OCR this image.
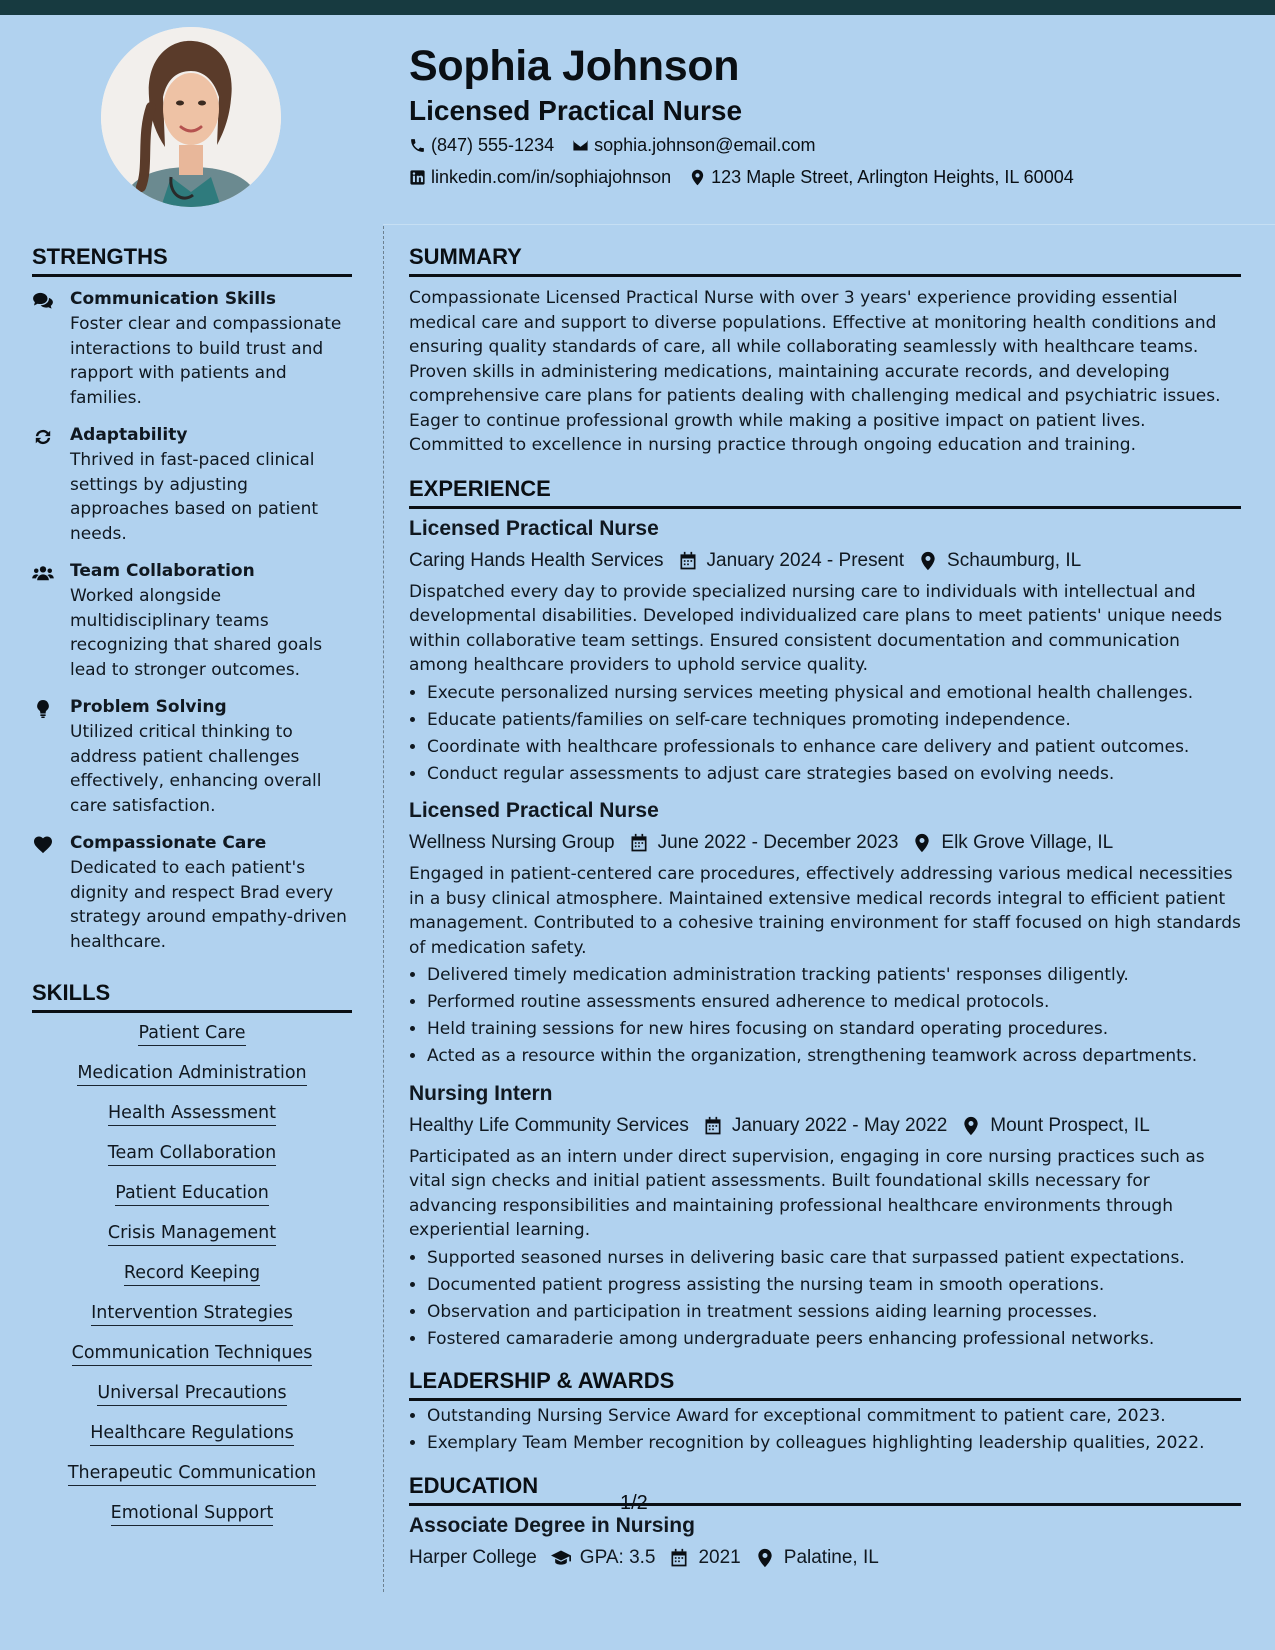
Sophia Johnson
Licensed Practical Nurse
(847) 555-1234 sophia.johnson@email.com
linkedin.com/in/sophiajohnson 123 Maple Street, Arlington Heights, IL 60004
STRENGTHS

Communication Skills

Foster clear and compassionate interactions to build trust and rapport with patients and families.

Adaptability

Thrived in fast-paced clinical settings by adjusting approaches based on patient needs.

Team Collaboration

Worked alongside multidisciplinary teams recognizing that shared goals lead to stronger outcomes.

Problem Solving

Utilized critical thinking to address patient challenges effectively, enhancing overall care satisfaction.

Compassionate Care

Dedicated to each patient's dignity and respect Brad every strategy around empathy-driven healthcare.

SKILLS
Patient Care
Medication Administration
Health Assessment
Team Collaboration
Patient Education
Crisis Management
Record Keeping
Intervention Strategies
Communication Techniques
Universal Precautions
Healthcare Regulations
Therapeutic Communication
Emotional Support
SUMMARY

Compassionate Licensed Practical Nurse with over 3 years' experience providing essential medical care and support to diverse populations. Effective at monitoring health conditions and ensuring quality standards of care, all while collaborating seamlessly with healthcare teams. Proven skills in administering medications, maintaining accurate records, and developing comprehensive care plans for patients dealing with challenging medical and psychiatric issues. Eager to continue professional growth while making a positive impact on patient lives. Committed to excellence in nursing practice through ongoing education and training.

EXPERIENCE

Licensed Practical Nurse

Caring Hands Health Services January 2024 - Present Schaumburg, IL

Dispatched every day to provide specialized nursing care to individuals with intellectual and developmental disabilities. Developed individualized care plans to meet patients' unique needs within collaborative team settings. Ensured consistent documentation and communication among healthcare providers to uphold service quality.

• Execute personalized nursing services meeting physical and emotional health challenges.
• Educate patients/families on self-care techniques promoting independence.
• Coordinate with healthcare professionals to enhance care delivery and patient outcomes.
• Conduct regular assessments to adjust care strategies based on evolving needs.

Licensed Practical Nurse

Wellness Nursing Group June 2022 - December 2023 Elk Grove Village, IL

Engaged in patient-centered care procedures, effectively addressing various medical necessities in a busy clinical atmosphere. Maintained extensive medical records integral to efficient patient management. Contributed to a cohesive training environment for staff focused on high standards of medication safety.

• Delivered timely medication administration tracking patients' responses diligently.
• Performed routine assessments ensured adherence to medical protocols.
• Held training sessions for new hires focusing on standard operating procedures.
• Acted as a resource within the organization, strengthening teamwork across departments.

Nursing Intern

Healthy Life Community Services January 2022 - May 2022 Mount Prospect, IL

Participated as an intern under direct supervision, engaging in core nursing practices such as vital sign checks and initial patient assessments. Built foundational skills necessary for advancing responsibilities and maintaining professional healthcare environments through experiential learning.

• Supported seasoned nurses in delivering basic care that surpassed patient expectations.
• Documented patient progress assisting the nursing team in smooth operations.
• Observation and participation in treatment sessions aiding learning processes.
• Fostered camaraderie among undergraduate peers enhancing professional networks.
LEADERSHIP & AWARDS
• Outstanding Nursing Service Award for exceptional commitment to patient care, 2023.
• Exemplary Team Member recognition by colleagues highlighting leadership qualities, 2022.
EDUCATION

Associate Degree in Nursing

Harper College GPA: 3.5 2021 Palatine, IL
1/2
